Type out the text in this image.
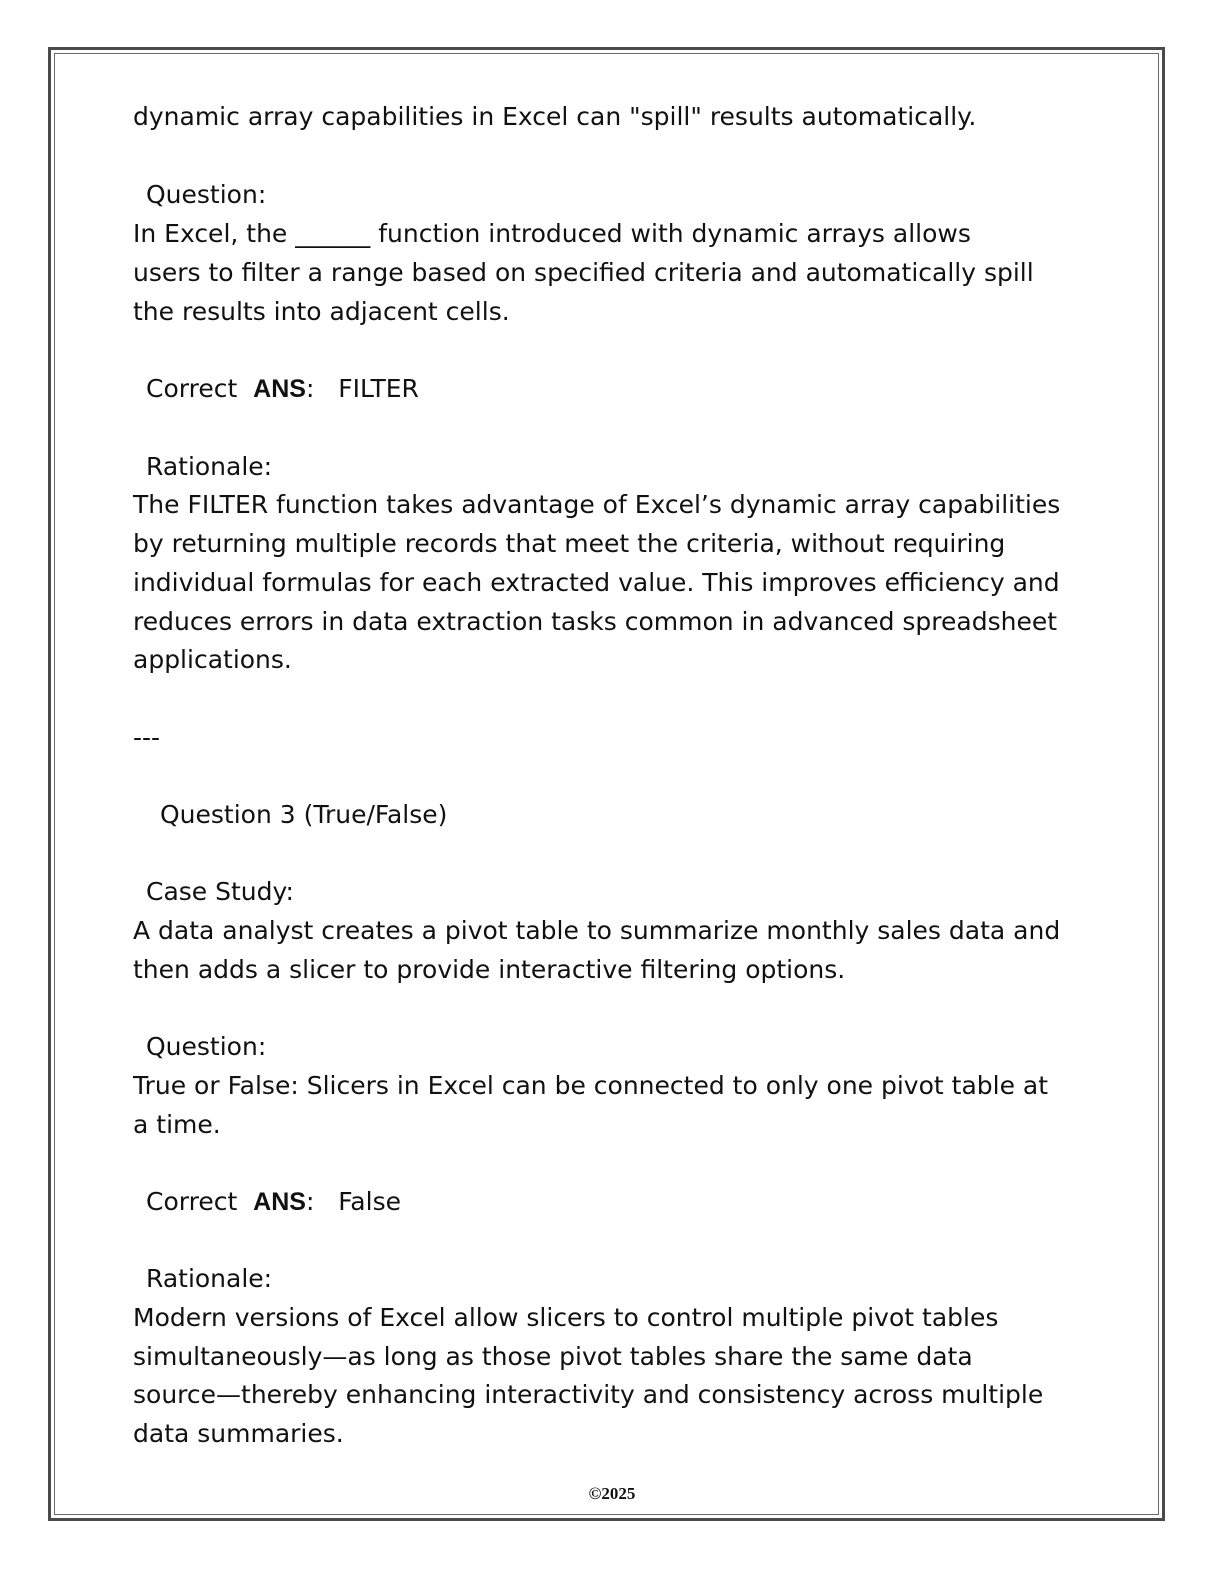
dynamic array capabilities in Excel can "spill" results automatically.

Question:

In Excel, the ______ function introduced with dynamic arrays allows

users to filter a range based on specified criteria and automatically spill

the results into adjacent cells.

Correct ANS:   FILTER

Rationale:

The FILTER function takes advantage of Excel’s dynamic array capabilities

by returning multiple records that meet the criteria, without requiring

individual formulas for each extracted value. This improves efficiency and

reduces errors in data extraction tasks common in advanced spreadsheet

applications.

---

Question 3 (True/False)

Case Study:

A data analyst creates a pivot table to summarize monthly sales data and

then adds a slicer to provide interactive filtering options.

Question:

True or False: Slicers in Excel can be connected to only one pivot table at

a time.

Correct ANS:   False

Rationale:

Modern versions of Excel allow slicers to control multiple pivot tables

simultaneously—as long as those pivot tables share the same data

source—thereby enhancing interactivity and consistency across multiple

data summaries.

©2025
